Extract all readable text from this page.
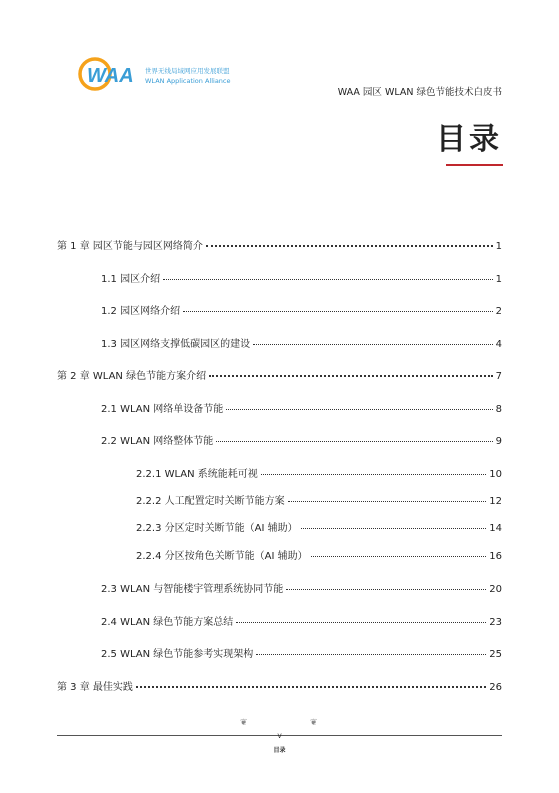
WAA 世界无线局域网应用发展联盟
WLAN Application Alliance
WAA 园区 WLAN 绿色节能技术白皮书
目录
第 1 章 园区节能与园区网络简介	1
1.1 园区介绍	1
1.2 园区网络介绍	2
1.3 园区网络支撑低碳园区的建设	4
第 2 章 WLAN 绿色节能方案介绍	7
2.1 WLAN 网络单设备节能	8
2.2 WLAN 网络整体节能	9
2.2.1 WLAN 系统能耗可视	10
2.2.2 人工配置定时关断节能方案	12
2.2.3 分区定时关断节能（AI 辅助）	14
2.2.4 分区按角色关断节能（AI 辅助）	16
2.3 WLAN 与智能楼宇管理系统协同节能	20
2.4 WLAN 绿色节能方案总结	23
2.5 WLAN 绿色节能参考实现架构	25
第 3 章 最佳实践	26
❦	❦
V
目录
